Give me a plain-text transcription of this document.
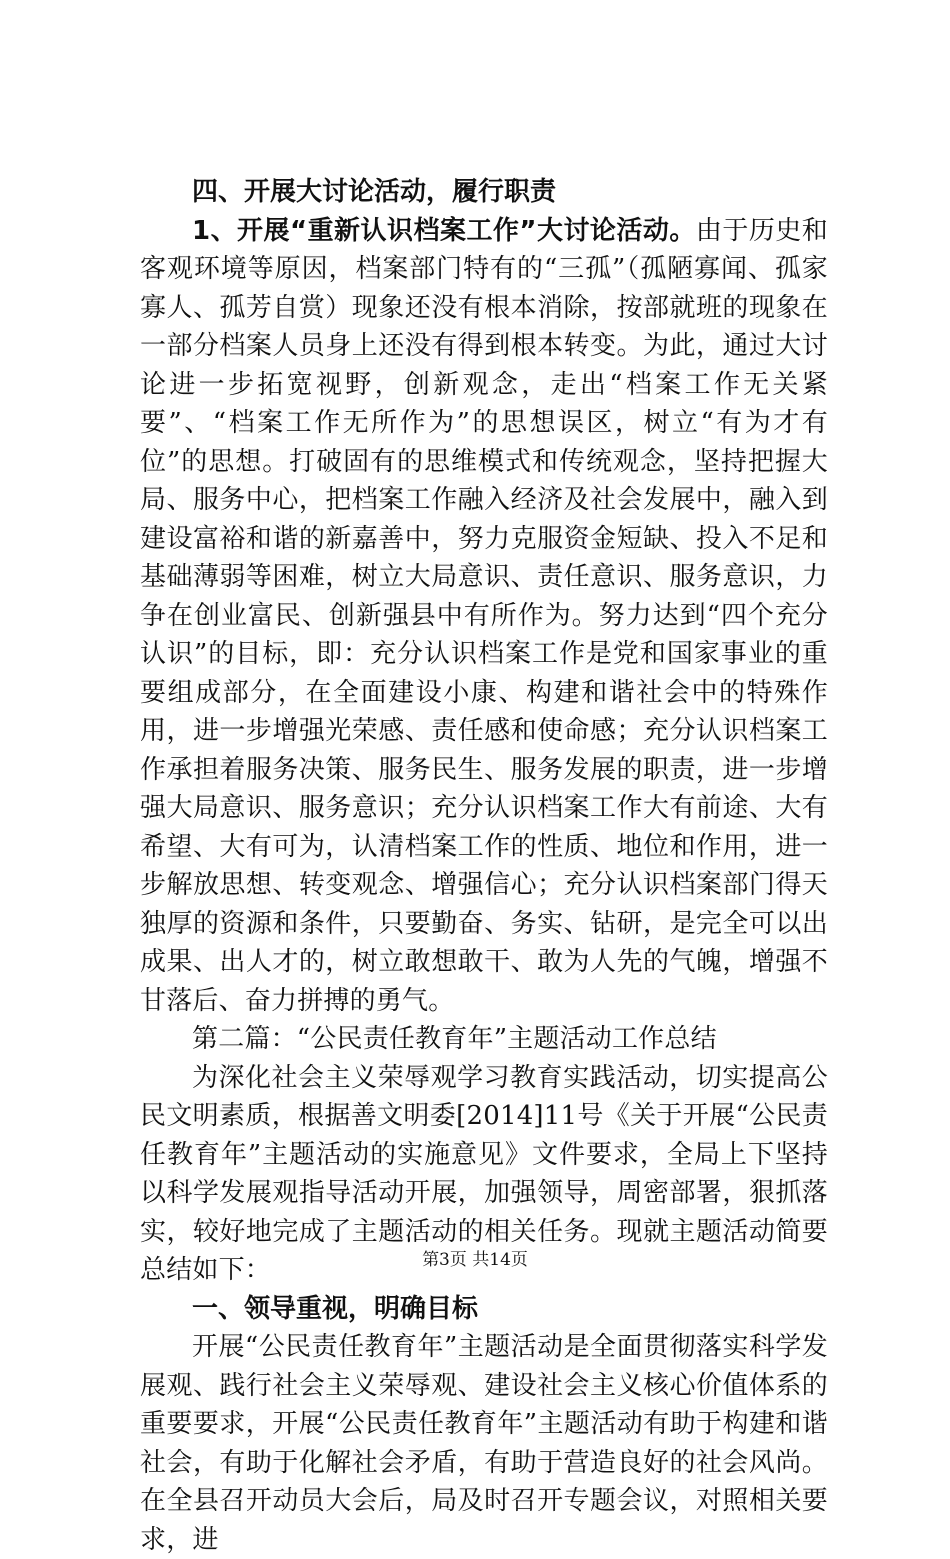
四、开展大讨论活动，履行职责

1、开展“重新认识档案工作”大讨论活动。由于历史和客观环境等原因，档案部门特有的“三孤”（孤陋寡闻、孤家寡人、孤芳自赏）现象还没有根本消除，按部就班的现象在一部分档案人员身上还没有得到根本转变。为此，通过大讨论进一步拓宽视野，创新观念，走出“档案工作无关紧要”、“档案工作无所作为”的思想误区，树立“有为才有位”的思想。打破固有的思维模式和传统观念，坚持把握大局、服务中心，把档案工作融入经济及社会发展中，融入到建设富裕和谐的新嘉善中，努力克服资金短缺、投入不足和基础薄弱等困难，树立大局意识、责任意识、服务意识，力争在创业富民、创新强县中有所作为。努力达到“四个充分认识”的目标，即：充分认识档案工作是党和国家事业的重要组成部分，在全面建设小康、构建和谐社会中的特殊作用，进一步增强光荣感、责任感和使命感；充分认识档案工作承担着服务决策、服务民生、服务发展的职责，进一步增强大局意识、服务意识；充分认识档案工作大有前途、大有希望、大有可为，认清档案工作的性质、地位和作用，进一步解放思想、转变观念、增强信心；充分认识档案部门得天独厚的资源和条件，只要勤奋、务实、钻研，是完全可以出成果、出人才的，树立敢想敢干、敢为人先的气魄，增强不甘落后、奋力拼搏的勇气。

第二篇：“公民责任教育年”主题活动工作总结

为深化社会主义荣辱观学习教育实践活动，切实提高公民文明素质，根据善文明委[2014]11号《关于开展“公民责任教育年”主题活动的实施意见》文件要求，全局上下坚持以科学发展观指导活动开展，加强领导，周密部署，狠抓落实，较好地完成了主题活动的相关任务。现就主题活动简要总结如下：

一、领导重视，明确目标

开展“公民责任教育年”主题活动是全面贯彻落实科学发展观、践行社会主义荣辱观、建设社会主义核心价值体系的重要要求，开展“公民责任教育年”主题活动有助于构建和谐社会，有助于化解社会矛盾，有助于营造良好的社会风尚。在全县召开动员大会后，局及时召开专题会议，对照相关要求，进

第3页 共14页
